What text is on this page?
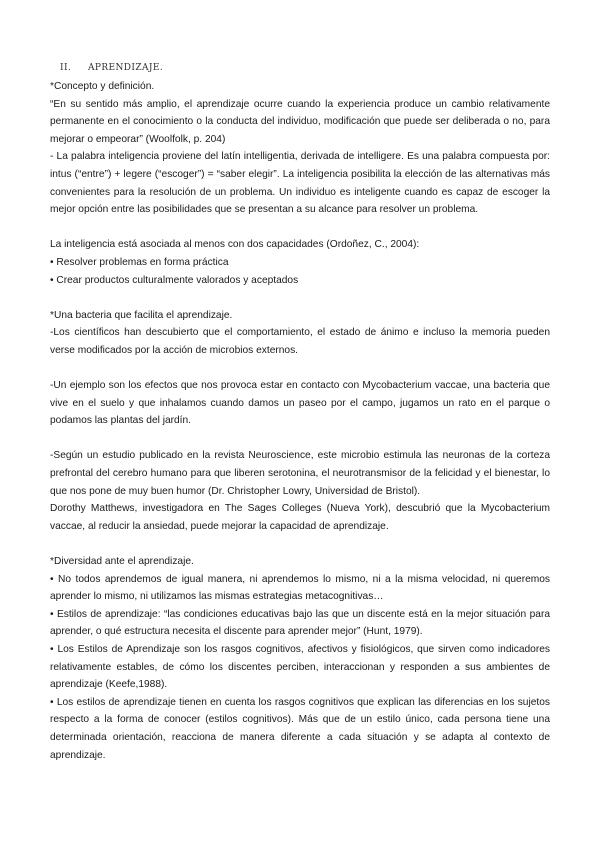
II. APRENDIZAJE.

*Concepto y definición.

“En su sentido más amplio, el aprendizaje ocurre cuando la experiencia produce un cambio relativamente permanente en el conocimiento o la conducta del individuo, modificación que puede ser deliberada o no, para mejorar o empeorar” (Woolfolk, p. 204)

- La palabra inteligencia proviene del latín intelligentia, derivada de intelligere. Es una palabra compuesta por: intus (“entre”) + legere (“escoger”) = “saber elegir”. La inteligencia posibilita la elección de las alternativas más convenientes para la resolución de un problema. Un individuo es inteligente cuando es capaz de escoger la mejor opción entre las posibilidades que se presentan a su alcance para resolver un problema.

La inteligencia está asociada al menos con dos capacidades (Ordoñez, C., 2004):

• Resolver problemas en forma práctica

• Crear productos culturalmente valorados y aceptados

*Una bacteria que facilita el aprendizaje.

-Los científicos han descubierto que el comportamiento, el estado de ánimo e incluso la memoria pueden verse modificados por la acción de microbios externos.

-Un ejemplo son los efectos que nos provoca estar en contacto con Mycobacterium vaccae, una bacteria que vive en el suelo y que inhalamos cuando damos un paseo por el campo, jugamos un rato en el parque o podamos las plantas del jardín.

-Según un estudio publicado en la revista Neuroscience, este microbio estimula las neuronas de la corteza prefrontal del cerebro humano para que liberen serotonina, el neurotransmisor de la felicidad y el bienestar, lo que nos pone de muy buen humor (Dr. Christopher Lowry, Universidad de Bristol).

Dorothy Matthews, investigadora en The Sages Colleges (Nueva York), descubrió que la Mycobacterium vaccae, al reducir la ansiedad, puede mejorar la capacidad de aprendizaje.

*Diversidad ante el aprendizaje.

• No todos aprendemos de igual manera, ni aprendemos lo mismo, ni a la misma velocidad, ni queremos aprender lo mismo, ni utilizamos las mismas estrategias metacognitivas…

• Estilos de aprendizaje: “las condiciones educativas bajo las que un discente está en la mejor situación para aprender, o qué estructura necesita el discente para aprender mejor” (Hunt, 1979).

• Los Estilos de Aprendizaje son los rasgos cognitivos, afectivos y fisiológicos, que sirven como indicadores relativamente estables, de cómo los discentes perciben, interaccionan y responden a sus ambientes de aprendizaje (Keefe,1988).

• Los estilos de aprendizaje tienen en cuenta los rasgos cognitivos que explican las diferencias en los sujetos respecto a la forma de conocer (estilos cognitivos). Más que de un estilo único, cada persona tiene una determinada orientación, reacciona de manera diferente a cada situación y se adapta al contexto de aprendizaje.
